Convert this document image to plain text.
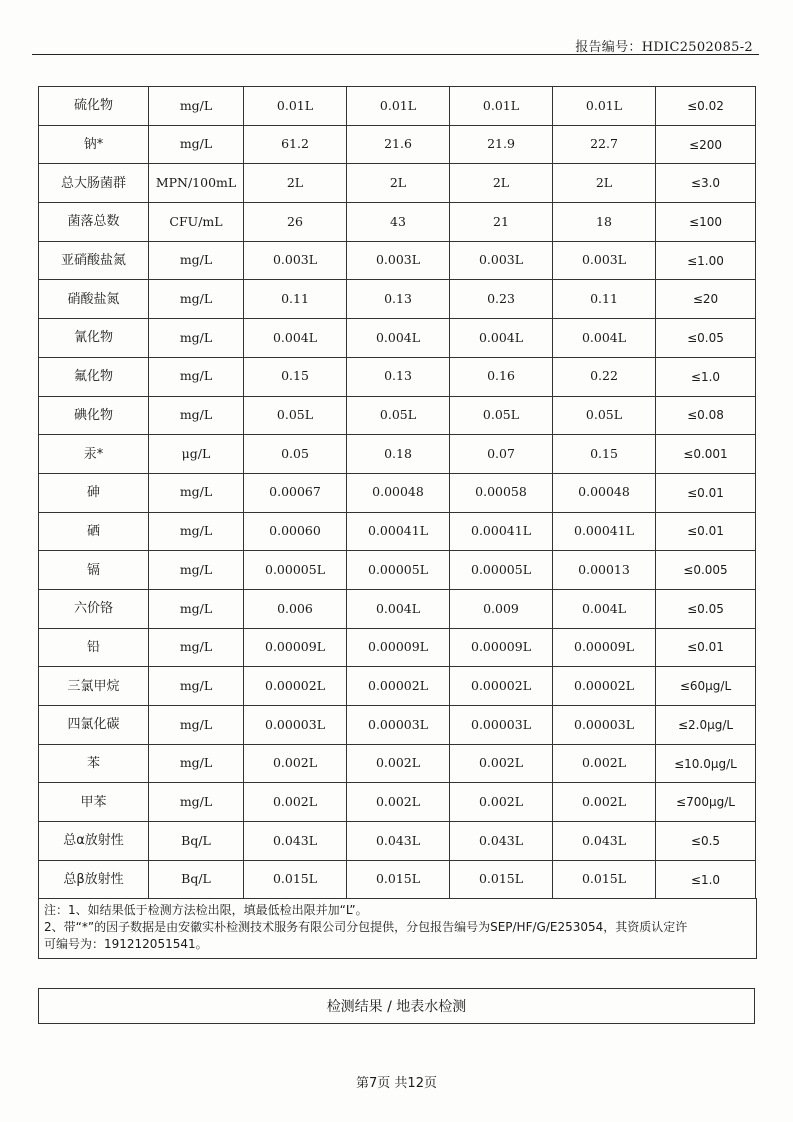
报告编号：HDIC2502085-2
硫化物	mg/L	0.01L	0.01L	0.01L	0.01L	≤0.02
钠*	mg/L	61.2	21.6	21.9	22.7	≤200
总大肠菌群	MPN/100mL	2L	2L	2L	2L	≤3.0
菌落总数	CFU/mL	26	43	21	18	≤100
亚硝酸盐氮	mg/L	0.003L	0.003L	0.003L	0.003L	≤1.00
硝酸盐氮	mg/L	0.11	0.13	0.23	0.11	≤20
氰化物	mg/L	0.004L	0.004L	0.004L	0.004L	≤0.05
氟化物	mg/L	0.15	0.13	0.16	0.22	≤1.0
碘化物	mg/L	0.05L	0.05L	0.05L	0.05L	≤0.08
汞*	μg/L	0.05	0.18	0.07	0.15	≤0.001
砷	mg/L	0.00067	0.00048	0.00058	0.00048	≤0.01
硒	mg/L	0.00060	0.00041L	0.00041L	0.00041L	≤0.01
镉	mg/L	0.00005L	0.00005L	0.00005L	0.00013	≤0.005
六价铬	mg/L	0.006	0.004L	0.009	0.004L	≤0.05
铅	mg/L	0.00009L	0.00009L	0.00009L	0.00009L	≤0.01
三氯甲烷	mg/L	0.00002L	0.00002L	0.00002L	0.00002L	≤60μg/L
四氯化碳	mg/L	0.00003L	0.00003L	0.00003L	0.00003L	≤2.0μg/L
苯	mg/L	0.002L	0.002L	0.002L	0.002L	≤10.0μg/L
甲苯	mg/L	0.002L	0.002L	0.002L	0.002L	≤700μg/L
总α放射性	Bq/L	0.043L	0.043L	0.043L	0.043L	≤0.5
总β放射性	Bq/L	0.015L	0.015L	0.015L	0.015L	≤1.0
注：1、如结果低于检测方法检出限，填最低检出限并加“L”。
2、带“*”的因子数据是由安徽实朴检测技术服务有限公司分包提供，分包报告编号为SEP/HF/G/E253054，其资质认定许
可编号为：191212051541。
检测结果 / 地表水检测
第7页 共12页
